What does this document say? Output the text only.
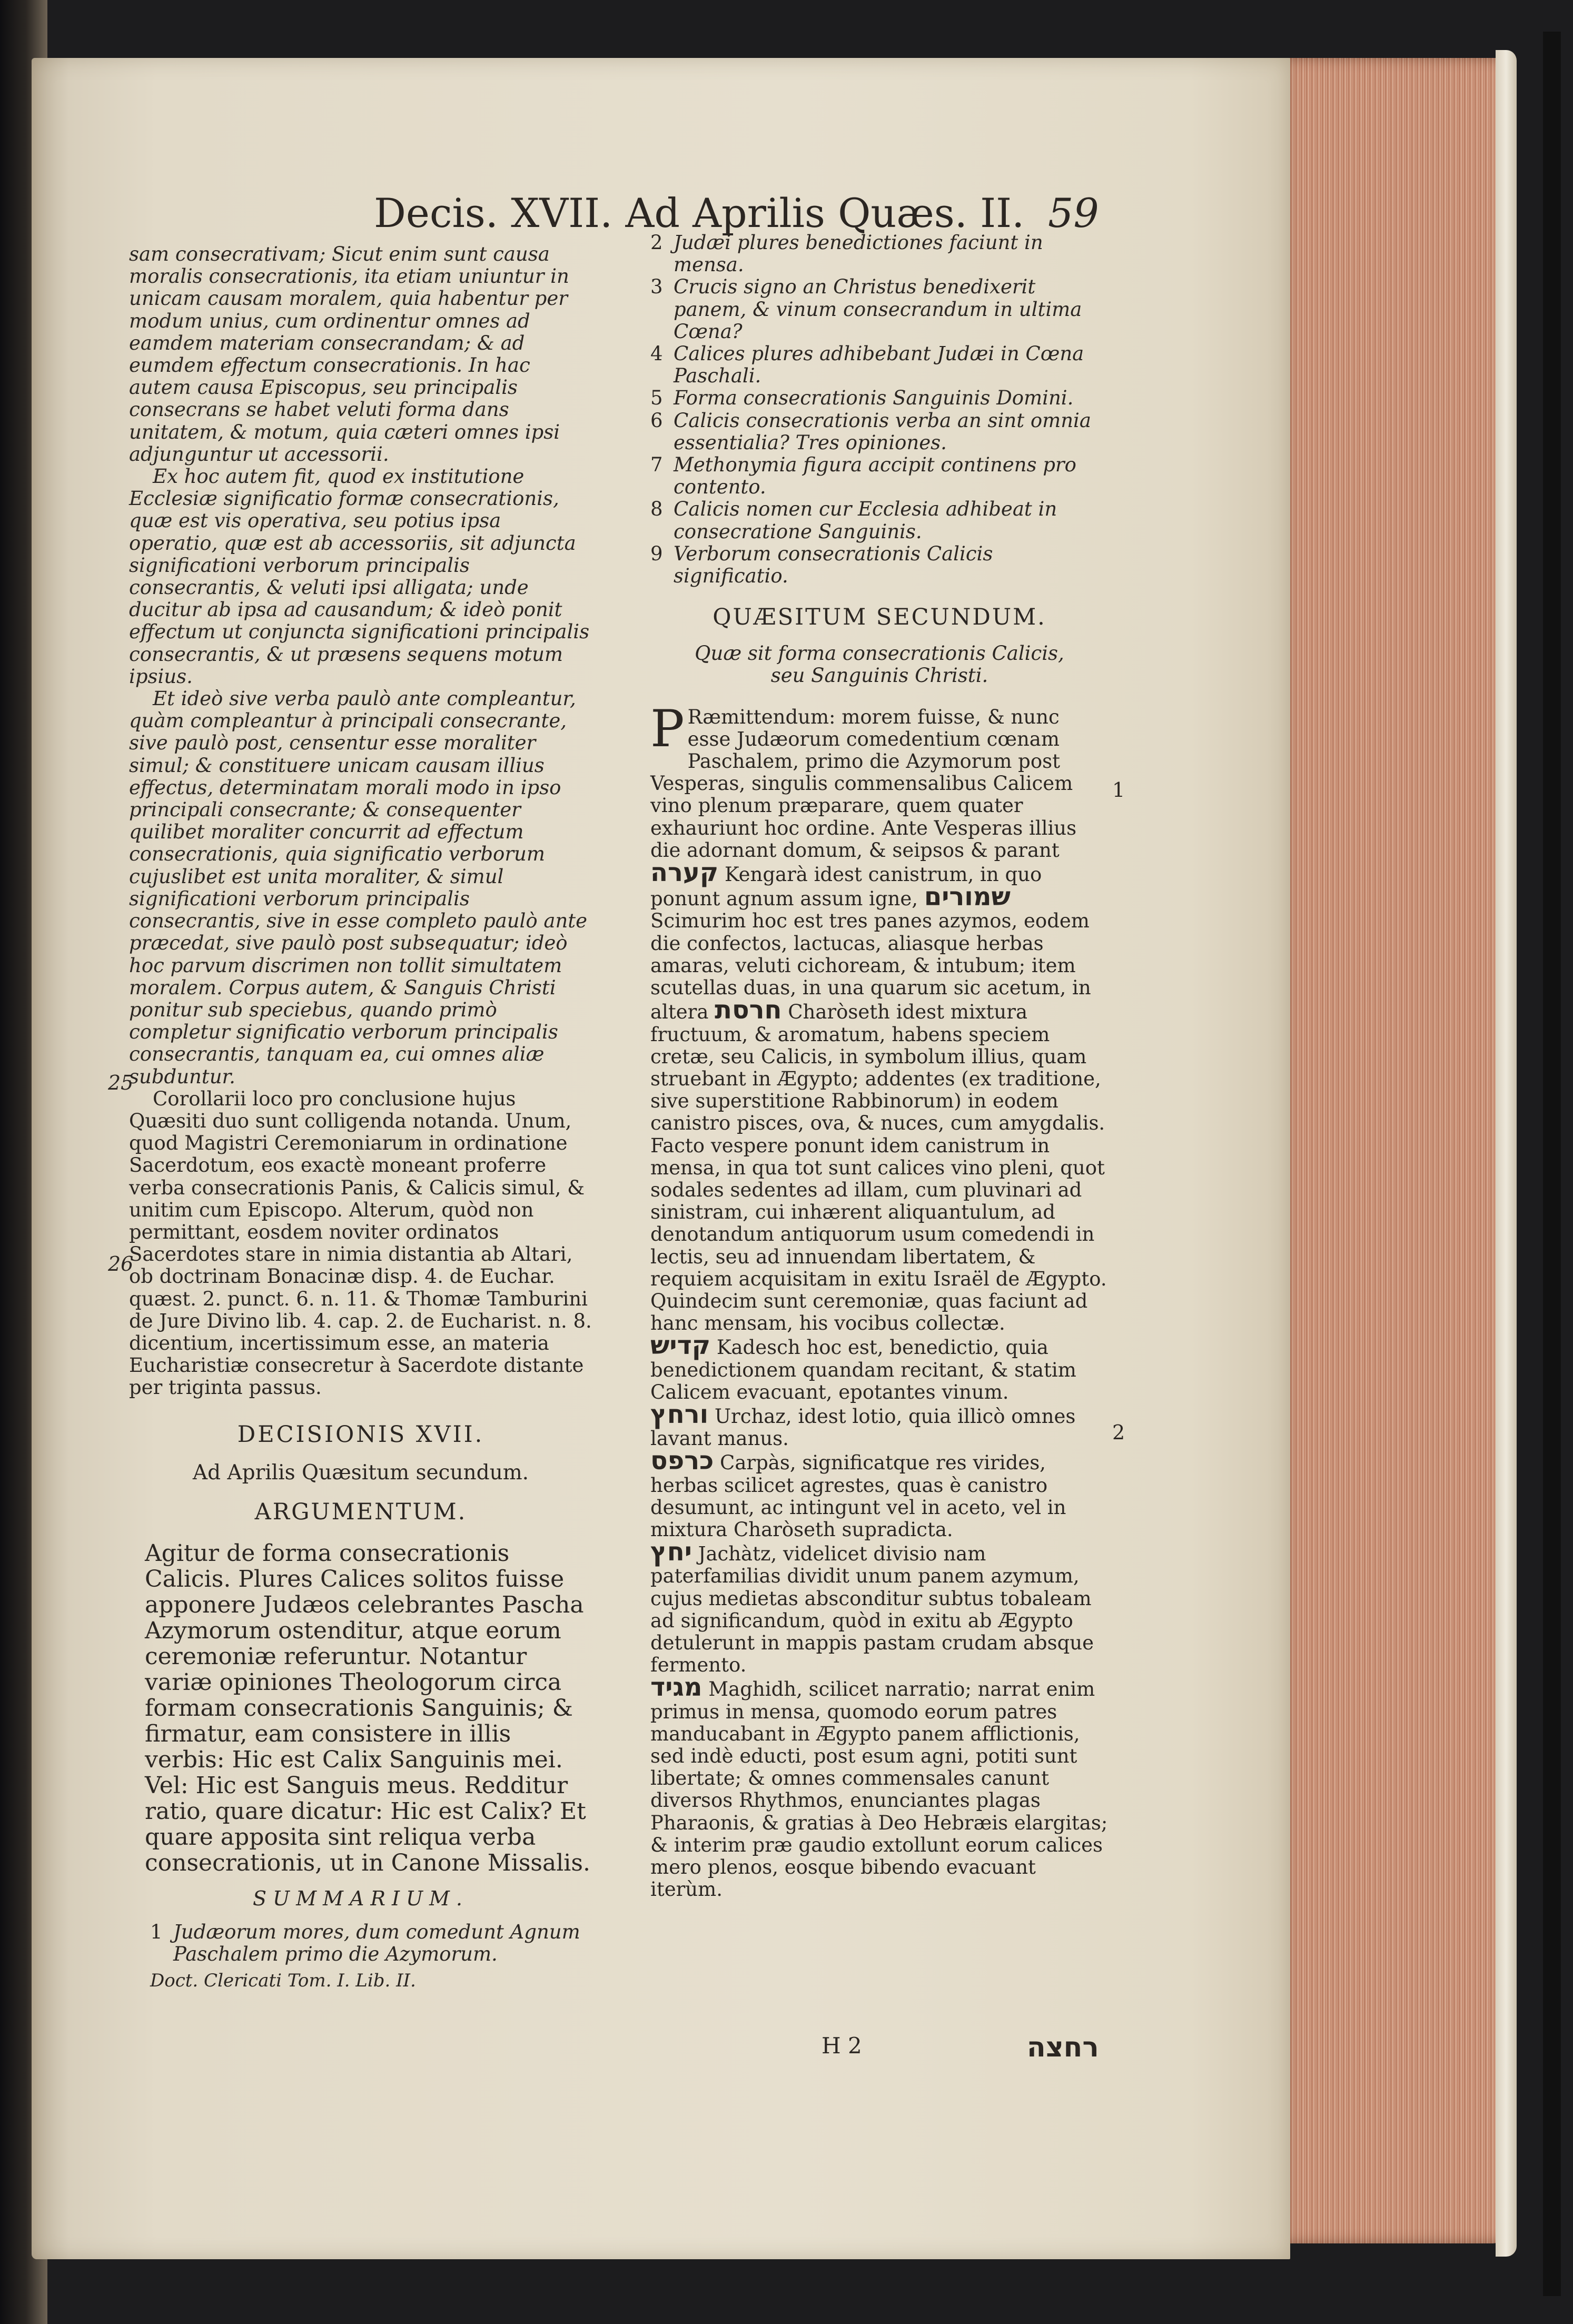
Decis. XVII. Ad Aprilis Quæs. II. 59

sam consecrativam; Sicut enim sunt causa moralis consecrationis, ita etiam uniuntur in unicam causam moralem, quia habentur per modum unius, cum ordinentur omnes ad eamdem materiam consecrandam; & ad eumdem effectum consecrationis. In hac autem causa Episcopus, seu principalis consecrans se habet veluti forma dans unitatem, & motum, quia cæteri omnes ipsi adjunguntur ut accessorii.

Ex hoc autem fit, quod ex institutione Ecclesiæ significatio formæ consecrationis, quæ est vis operativa, seu potius ipsa operatio, quæ est ab accessoriis, sit adjuncta significationi verborum principalis consecrantis, & veluti ipsi alligata; unde ducitur ab ipsa ad causandum; & ideò ponit effectum ut conjuncta significationi principalis consecrantis, & ut præsens sequens motum ipsius.

Et ideò sive verba paulò ante compleantur, quàm compleantur à principali consecrante, sive paulò post, censentur esse moraliter simul; & constituere unicam causam illius effectus, determinatam morali modo in ipso principali consecrante; & consequenter quilibet moraliter concurrit ad effectum consecrationis, quia significatio verborum cujuslibet est unita moraliter, & simul significationi verborum principalis consecrantis, sive in esse completo paulò ante præcedat, sive paulò post subsequatur; ideò hoc parvum discrimen non tollit simultatem moralem. Corpus autem, & Sanguis Christi ponitur sub speciebus, quando primò completur significatio verborum principalis consecrantis, tanquam ea, cui omnes aliæ subduntur.

Corollarii loco pro conclusione hujus Quæsiti duo sunt colligenda notanda. Unum, quod Magistri Ceremoniarum in ordinatione Sacerdotum, eos exactè moneant proferre verba consecrationis Panis, & Calicis simul, & unitim cum Episcopo. Alterum, quòd non permittant, eosdem noviter ordinatos Sacerdotes stare in nimia distantia ab Altari,

ob doctrinam Bonacinæ disp. 4. de Euchar. quæst. 2. punct. 6. n. 11. & Thomæ Tamburini de Jure Divino lib. 4. cap. 2. de Eucharist. n. 8. dicentium, incertissimum esse, an materia Eucharistiæ consecretur à Sacerdote distante per triginta passus.

DECISIONIS XVII.

Ad Aprilis Quæsitum secundum.

ARGUMENTUM.

Agitur de forma consecrationis Calicis. Plures Calices solitos fuisse apponere Judæos celebrantes Pascha Azymorum ostenditur, atque eorum ceremoniæ referuntur. Notantur variæ opiniones Theologorum circa formam consecrationis Sanguinis; & firmatur, eam consistere in illis verbis: Hic est Calix Sanguinis mei. Vel: Hic est Sanguis meus. Redditur ratio, quare dicatur: Hic est Calix? Et quare apposita sint reliqua verba consecrationis, ut in Canone Missalis.

SUMMARIUM.

1 Judæorum mores, dum comedunt Agnum Paschalem primo die Azymorum.

Doct. Clericati Tom. I. Lib. II.

25
26
2 Judæi plures benedictiones faciunt in mensa.
3 Crucis signo an Christus benedixerit panem, & vinum consecrandum in ultima Cœna?
4 Calices plures adhibebant Judæi in Cœna Paschali.
5 Forma consecrationis Sanguinis Domini.
6 Calicis consecrationis verba an sint omnia essentialia? Tres opiniones.
7 Methonymia figura accipit continens pro contento.
8 Calicis nomen cur Ecclesia adhibeat in consecratione Sanguinis.
9 Verborum consecrationis Calicis significatio.

QUÆSITUM SECUNDUM.

Quæ sit forma consecrationis Calicis, seu Sanguinis Christi.

P Ræmittendum: morem fuisse, & nunc esse Judæorum comedentium cœnam Paschalem, primo die Azymorum post Vesperas, singulis commensalibus Calicem vino plenum præparare, quem quater exhauriunt hoc ordine. Ante Vesperas illius die adornant domum, & seipsos & parant קערה Kengarà idest canistrum, in quo ponunt agnum assum igne, שמורים Scimurim hoc est tres panes azymos, eodem die confectos, lactucas, aliasque herbas amaras, veluti cichoream, & intubum; item scutellas duas, in una quarum sic acetum, in altera חרסת Charòseth idest mixtura fructuum, & aromatum, habens speciem cretæ, seu Calicis, in symbolum illius, quam struebant in Ægypto; addentes (ex traditione, sive superstitione Rabbinorum) in eodem canistro pisces, ova, & nuces, cum amygdalis. Facto vespere ponunt idem canistrum in mensa, in qua tot sunt calices vino pleni, quot sodales sedentes ad illam, cum pluvinari ad sinistram, cui inhærent aliquantulum, ad denotandum antiquorum usum comedendi in lectis, seu ad innuendam libertatem, & requiem acquisitam in exitu Israël de Ægypto. Quindecim sunt ceremoniæ, quas faciunt ad hanc mensam, his vocibus collectæ.

קדיש Kadesch hoc est, benedictio, quia benedictionem quandam recitant, & statim Calicem evacuant, epotantes vinum.

ורחץ Urchaz, idest lotio, quia illicò omnes lavant manus.

כרפס Carpàs, significatque res virides, herbas scilicet agrestes, quas è canistro desumunt, ac intingunt vel in aceto, vel in mixtura Charòseth supradicta.

יחץ Jachàtz, videlicet divisio nam paterfamilias dividit unum panem azymum, cujus medietas absconditur subtus tobaleam ad significandum, quòd in exitu ab Ægypto detulerunt in mappis pastam crudam absque fermento.

מגיד Maghidh, scilicet narratio; narrat enim primus in mensa, quomodo eorum patres manducabant in Ægypto panem afflictionis, sed indè educti, post esum agni, potiti sunt libertate; & omnes commensales canunt diversos Rhythmos, enunciantes plagas Pharaonis, & gratias à Deo Hebræis elargitas; & interim præ gaudio extollunt eorum calices mero plenos, eosque bibendo evacuant iterùm.

1
2
H 2	רחצה
